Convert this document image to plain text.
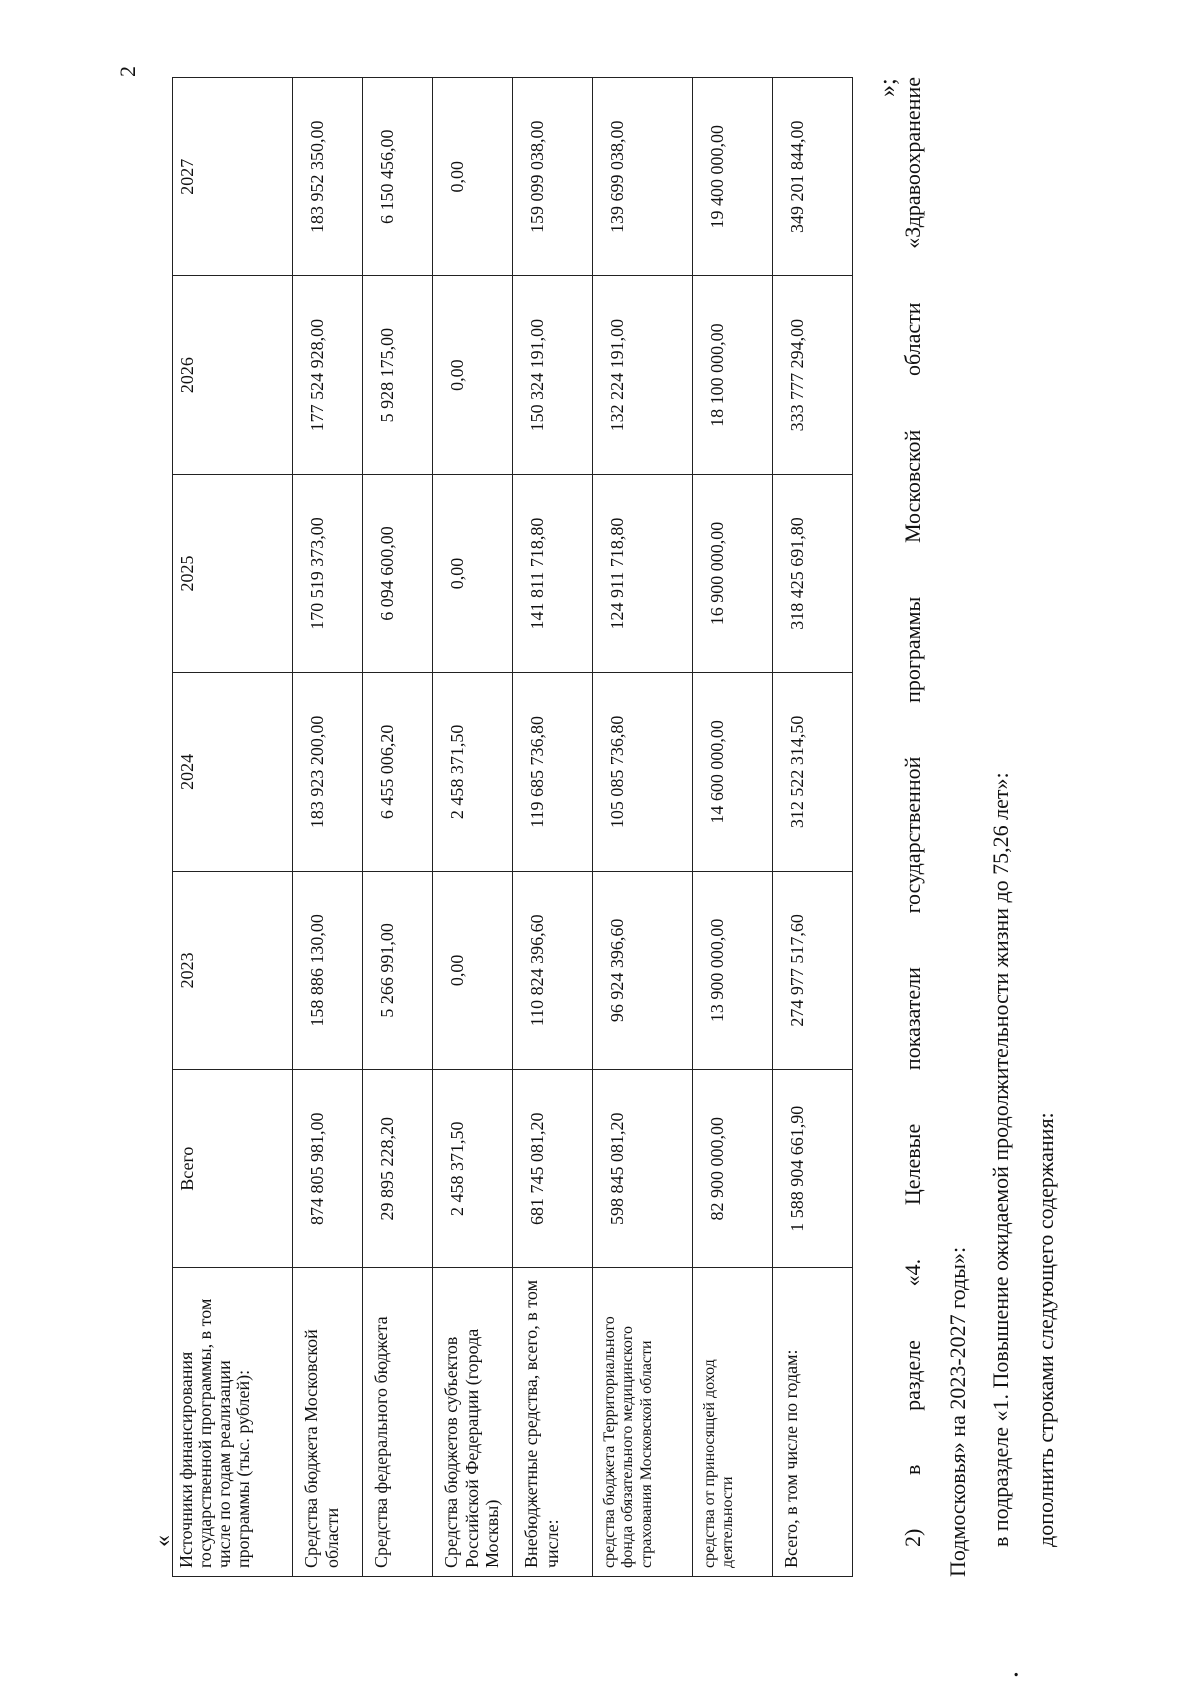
« Источники финансирования государственной программы, в том числе по годам реализации программы (тыс. рублей):	Всего	2023	2024	2025	2026	2027
Средства бюджета Московской области	874 805 981,00	158 886 130,00	183 923 200,00	170 519 373,00	177 524 928,00	183 952 350,00
Средства федерального бюджета	29 895 228,20	5 266 991,00	6 455 006,20	6 094 600,00	5 928 175,00	6 150 456,00
Средства бюджетов субъектов Российской Федерации (города Москвы)	2 458 371,50	0,00	2 458 371,50	0,00	0,00	0,00
Внебюджетные средства, всего, в том числе:	681 745 081,20	110 824 396,60	119 685 736,80	141 811 718,80	150 324 191,00	159 099 038,00
средства бюджета Территориального фонда обязательного медицинского страхования Московской области	598 845 081,20	96 924 396,60	105 085 736,80	124 911 718,80	132 224 191,00	139 699 038,00
средства от приносящей доход деятельности	82 900 000,00	13 900 000,00	14 600 000,00	16 900 000,00	18 100 000,00	19 400 000,00
Всего, в том числе по годам:	1 588 904 661,90	274 977 517,60	312 522 314,50	318 425 691,80	333 777 294,00	349 201 844,00
»; 2) в разделе «4. Целевые показатели государственной программы Московской области «Здравоохранение Подмосковья» на 2023-2027 годы»: в подразделе «1. Повышение ожидаемой продолжительности жизни до 75,26 лет»: дополнить строками следующего содержания:
2
•
